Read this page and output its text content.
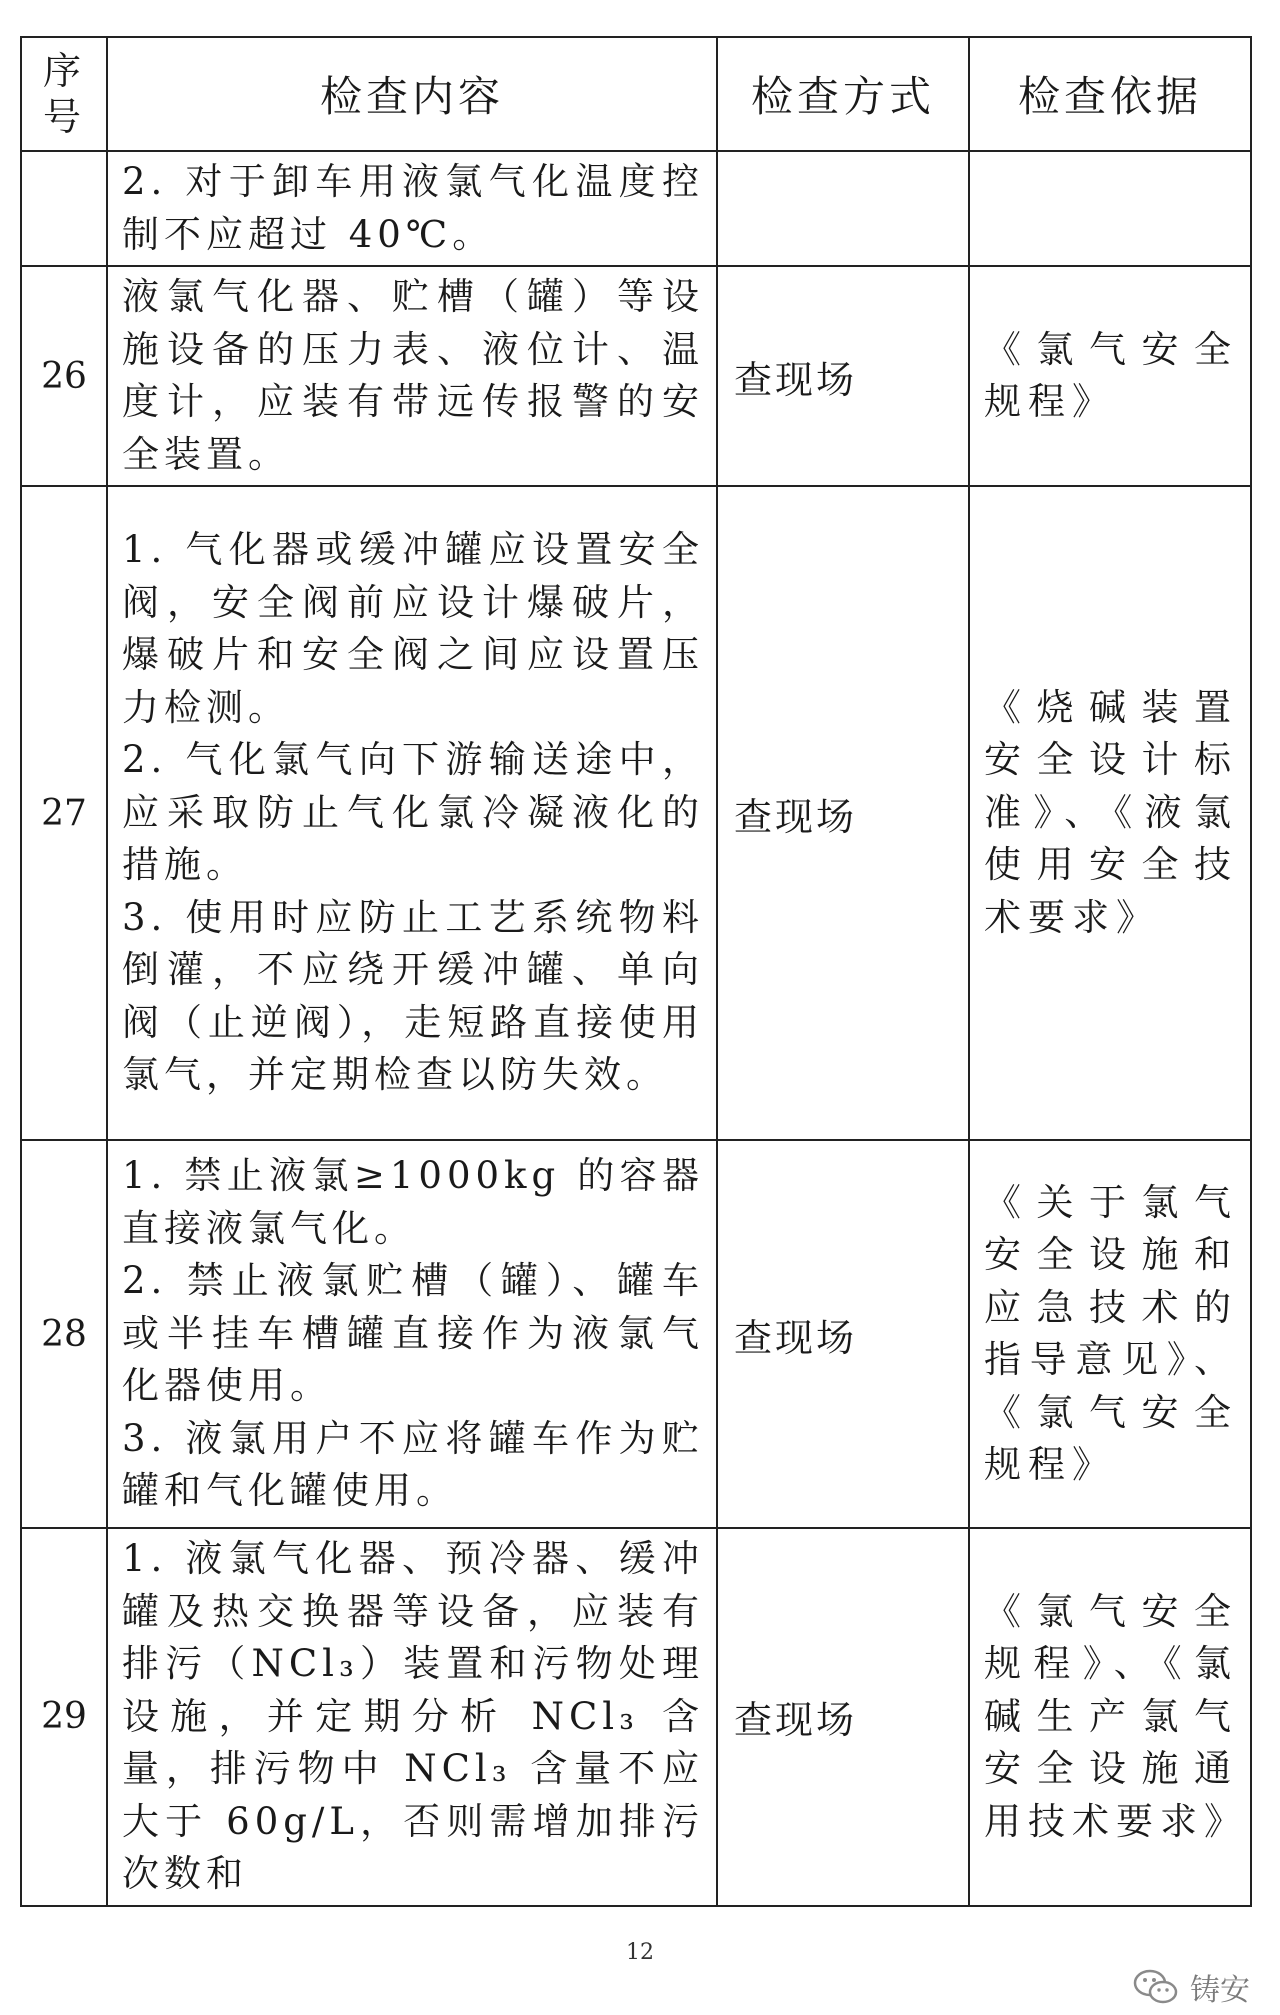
序号	检查内容	检查方式	检查依据

	2. 对于卸车用液氯气化温度控制不应超过 40℃。		

26	液氯气化器、贮槽（罐）等设施设备的压力表、液位计、温度计，应装有带远传报警的安全装置。	查现场	《氯气安全规程》
27	1. 气化器或缓冲罐应设置安全阀，安全阀前应设计爆破片，爆破片和安全阀之间应设置压力检测。

2. 气化氯气向下游输送途中，应采取防止气化氯冷凝液化的措施。

3. 使用时应防止工艺系统物料倒灌，不应绕开缓冲罐、单向阀（止逆阀），走短路直接使用氯气，并定期检查以防失效。	查现场	《烧碱装置安全设计标准》、《液氯使用安全技术要求》
28	1. 禁止液氯≥1000kg 的容器直接液氯气化。

2. 禁止液氯贮槽（罐）、罐车或半挂车槽罐直接作为液氯气化器使用。

3. 液氯用户不应将罐车作为贮罐和气化罐使用。	查现场	《关于氯气安全设施和应急技术的指导意见》、《氯气安全规程》
29	1. 液氯气化器、预冷器、缓冲罐及热交换器等设备，应装有排污（NCl₃）装置和污物处理设施，并定期分析 NCl₃ 含量，排污物中 NCl₃ 含量不应大于 60g/L，否则需增加排污次数和	查现场	《氯气安全规程》、《氯碱生产氯气安全设施通用技术要求》
12
铸安
